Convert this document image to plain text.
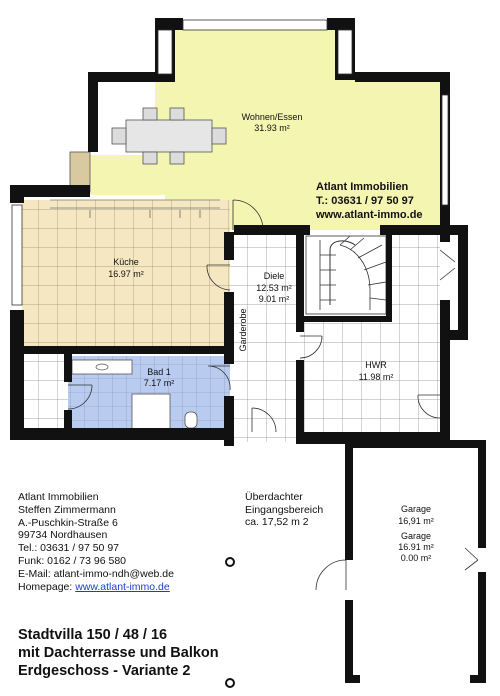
Wohnen/Essen
31.93 m²
Atlant Immobilien
T.: 03631 / 97 50 97
www.atlant-immo.de
Küche
16.97 m²	Diele
12.53 m²
9.01 m²
Garderobe
Bad 1
7.17 m²
HWR
11.98 m²
Garage
16,91 m²
Garage
16.91 m²
0.00 m²
Überdachter
Eingangsbereich
ca. 17,52 m 2
Atlant Immobilien
Steffen Zimmermann
A.-Puschkin-Straße 6
99734 Nordhausen
Tel.: 03631 / 97 50 97
Funk: 0162 / 73 96 580
E-Mail: atlant-immo-ndh@web.de
Homepage: www.atlant-immo.de
Stadtvilla 150 / 48 / 16
mit Dachterrasse und Balkon
Erdgeschoss - Variante 2
